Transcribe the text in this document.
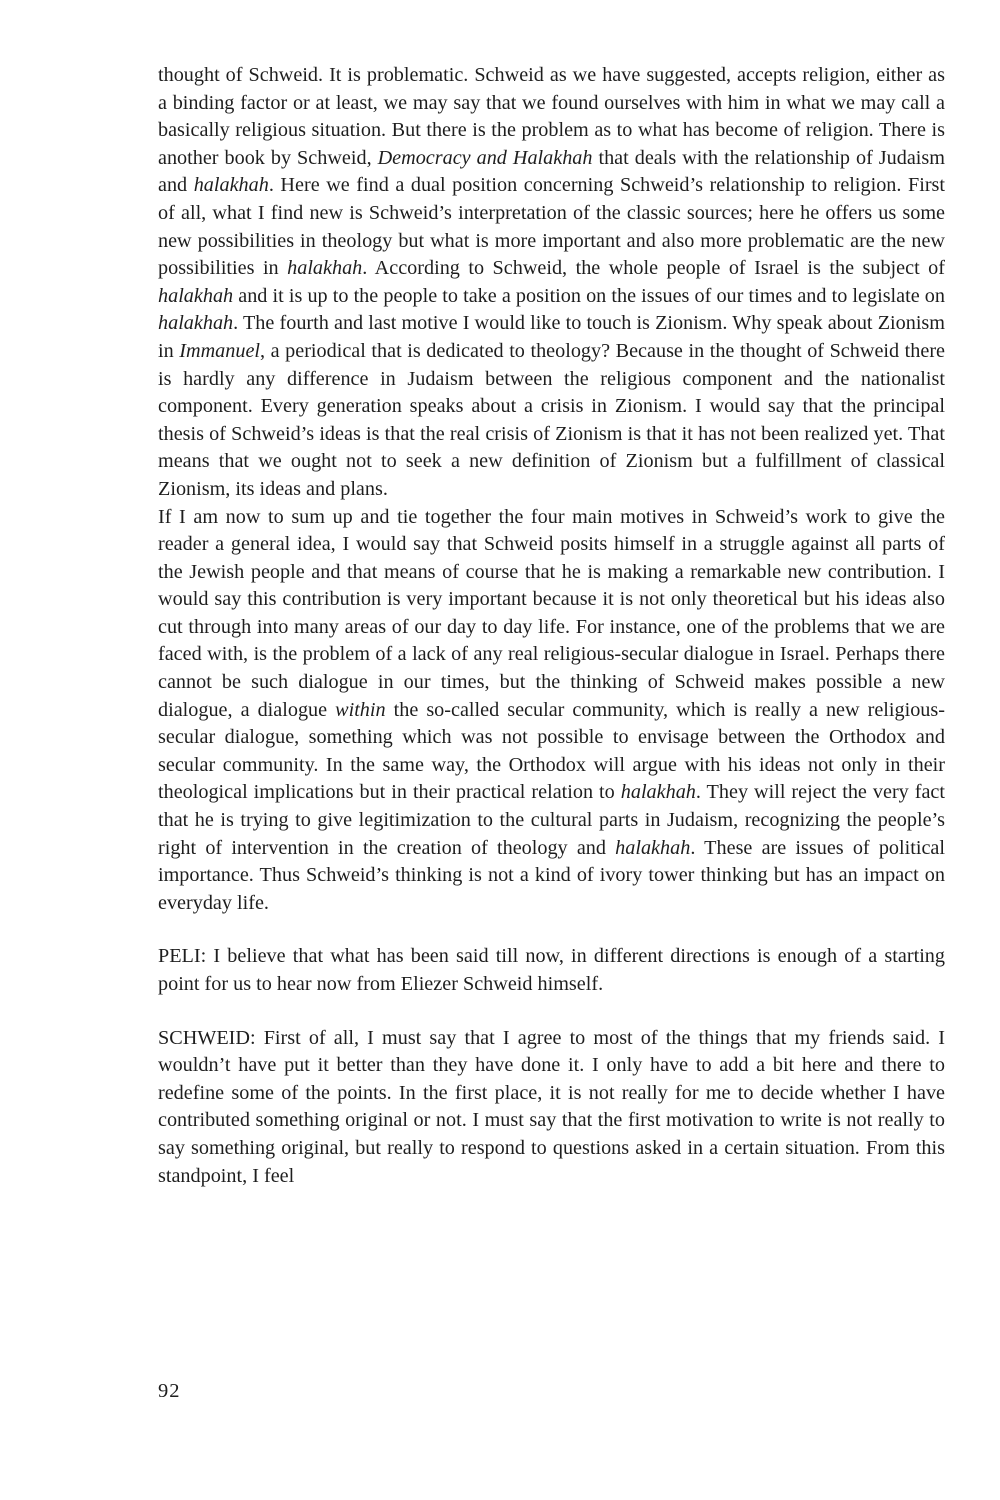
thought of Schweid. It is problematic. Schweid as we have suggested, accepts religion, either as a binding factor or at least, we may say that we found ourselves with him in what we may call a basically religious situation. But there is the problem as to what has become of religion. There is another book by Schweid, Democracy and Halakhah that deals with the relationship of Judaism and halakhah. Here we find a dual position concerning Schweid’s relationship to religion. First of all, what I find new is Schweid’s interpretation of the classic sources; here he offers us some new possibilities in theology but what is more important and also more problematic are the new possibilities in halakhah. According to Schweid, the whole people of Israel is the subject of halakhah and it is up to the people to take a position on the issues of our times and to legislate on halakhah. The fourth and last motive I would like to touch is Zionism. Why speak about Zionism in Immanuel, a periodical that is dedicated to theology? Because in the thought of Schweid there is hardly any difference in Judaism between the religious component and the nationalist component. Every generation speaks about a crisis in Zionism. I would say that the principal thesis of Schweid’s ideas is that the real crisis of Zionism is that it has not been realized yet. That means that we ought not to seek a new definition of Zionism but a fulfillment of classical Zionism, its ideas and plans.

If I am now to sum up and tie together the four main motives in Schweid’s work to give the reader a general idea, I would say that Schweid posits himself in a struggle against all parts of the Jewish people and that means of course that he is making a remarkable new contribution. I would say this contribution is very important because it is not only theoretical but his ideas also cut through into many areas of our day to day life. For instance, one of the problems that we are faced with, is the problem of a lack of any real religious-secular dialogue in Israel. Perhaps there cannot be such dialogue in our times, but the thinking of Schweid makes possible a new dialogue, a dialogue within the so-called secular community, which is really a new religious-secular dialogue, something which was not possible to envisage between the Orthodox and secular community. In the same way, the Orthodox will argue with his ideas not only in their theological implications but in their practical relation to halakhah. They will reject the very fact that he is trying to give legitimization to the cultural parts in Judaism, recognizing the people’s right of intervention in the creation of theology and halakhah. These are issues of political importance. Thus Schweid’s thinking is not a kind of ivory tower thinking but has an impact on everyday life.

PELI: I believe that what has been said till now, in different directions is enough of a starting point for us to hear now from Eliezer Schweid himself.

SCHWEID: First of all, I must say that I agree to most of the things that my friends said. I wouldn’t have put it better than they have done it. I only have to add a bit here and there to redefine some of the points. In the first place, it is not really for me to decide whether I have contributed something original or not. I must say that the first motivation to write is not really to say something original, but really to respond to questions asked in a certain situation. From this standpoint, I feel

92
